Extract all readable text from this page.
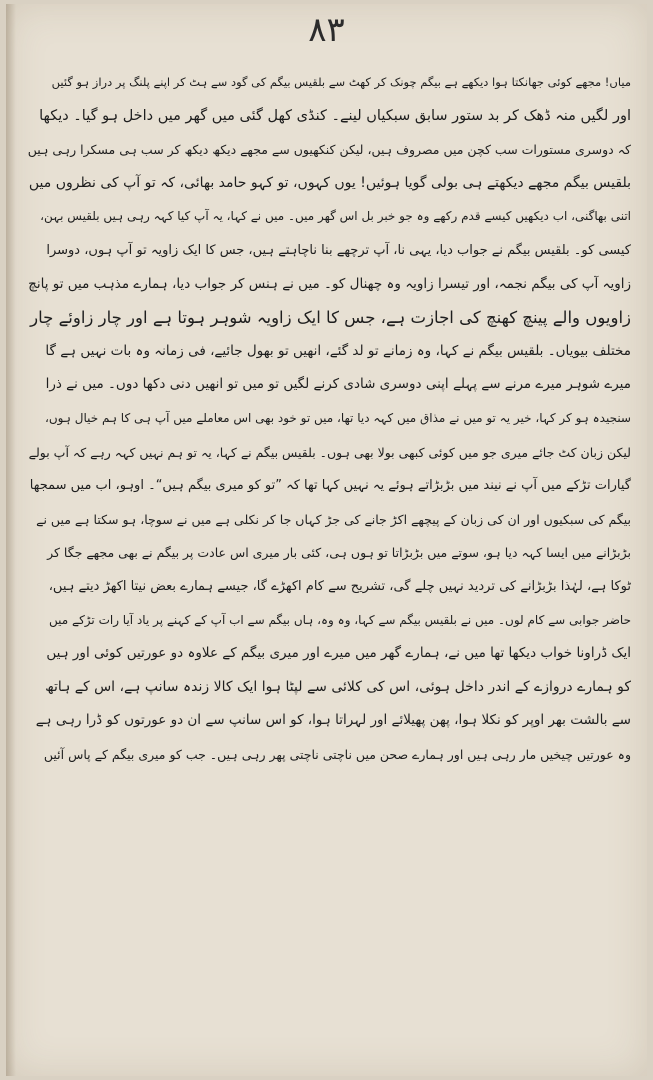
۸۳
میاں! مجھے کوئی جھانکتا ہوا دیکھے ہے بیگم چونک کر کھٹ سے بلقیس بیگم کی گود سے ہٹ کر اپنے پلنگ پر دراز ہو گئیں
اور لگیں منہ ڈھک کر بد ستور سابق سبکیاں لینے۔ کنڈی کھل گئی میں گھر میں داخل ہو گیا۔ دیکھا
کہ دوسری مستورات سب کچن میں مصروف ہیں، لیکن کنکھیوں سے مجھے دیکھ دیکھ کر سب ہی مسکرا رہی ہیں
بلقیس بیگم مجھے دیکھتے ہی بولی گویا ہوئیں! یوں کہوں، تو کہو حامد بھائی، کہ تو آپ کی نظروں میں
اتنی بھاگنی، اب دیکھیں کیسے قدم رکھے وہ جو خبر بل اس گھر میں۔ میں نے کہا، یہ آپ کیا کہہ رہی ہیں بلقیس بہن،
کیسی کو۔ بلقیس بیگم نے جواب دیا، یہی نا، آپ ترچھے بنا ناچاہتے ہیں، جس کا ایک زاویہ تو آپ ہوں، دوسرا
زاویہ آپ کی بیگم نجمہ، اور تیسرا زاویہ وہ چھنال کو۔ میں نے ہنس کر جواب دیا، ہمارے مذہب میں تو پانچ
زاویوں والے پینچ کھنچ کی اجازت ہے، جس کا ایک زاویہ شوہر ہوتا ہے اور چار زاوئے چار
مختلف بیویاں۔ بلقیس بیگم نے کہا، وہ زمانے تو لد گئے، انھیں تو بھول جائیے، فی زمانہ وہ بات نہیں ہے گا
میرے شوہر میرے مرنے سے پہلے اپنی دوسری شادی کرنے لگیں تو میں تو انھیں دنی دکھا دوں۔ میں نے ذرا
سنجیدہ ہو کر کہا، خیر یہ تو میں نے مذاق میں کہہ دیا تھا، میں تو خود بھی اس معاملے میں آپ ہی کا ہم خیال ہوں،
لیکن زبان کٹ جائے میری جو میں کوئی کبھی بولا بھی ہوں۔ بلقیس بیگم نے کہا، یہ تو ہم نہیں کہہ رہے کہ آپ بولے
گیارات تڑکے میں آپ نے نیند میں بڑبڑاتے ہوئے یہ نہیں کہا تھا کہ ”تو کو میری بیگم ہیں“۔ اوہو، اب میں سمجھا
بیگم کی سبکیوں اور ان کی زبان کے پیچھے اکڑ جانے کی جڑ کہاں جا کر نکلی ہے میں نے سوچا، ہو سکتا ہے میں نے
بڑبڑانے میں ایسا کہہ دیا ہو، سوتے میں بڑبڑاتا تو ہوں ہی، کئی بار میری اس عادت پر بیگم نے بھی مجھے جگا کر
ٹوکا ہے، لہٰذا بڑبڑانے کی تردید نہیں چلے گی، تشریح سے کام اکھڑے گا، جیسے ہمارے بعض نیتا اکھڑ دیتے ہیں،
حاضر جوابی سے کام لوں۔ میں نے بلقیس بیگم سے کہا، وہ وہ، ہاں بیگم سے اب آپ کے کہنے پر یاد آیا رات تڑکے میں
ایک ڈراونا خواب دیکھا تھا میں نے، ہمارے گھر میں میرے اور میری بیگم کے علاوہ دو عورتیں کوئی اور ہیں
کو ہمارے دروازے کے اندر داخل ہوئی، اس کی کلائی سے لپٹا ہوا ایک کالا زندہ سانپ ہے، اس کے ہاتھ
سے بالشت بھر اوپر کو نکلا ہوا، پھن پھیلائے اور لہراتا ہوا، کو اس سانپ سے ان دو عورتوں کو ڈرا رہی ہے
وہ عورتیں چیخیں مار رہی ہیں اور ہمارے صحن میں ناچتی ناچتی پھر رہی ہیں۔ جب کو میری بیگم کے پاس آئیں
